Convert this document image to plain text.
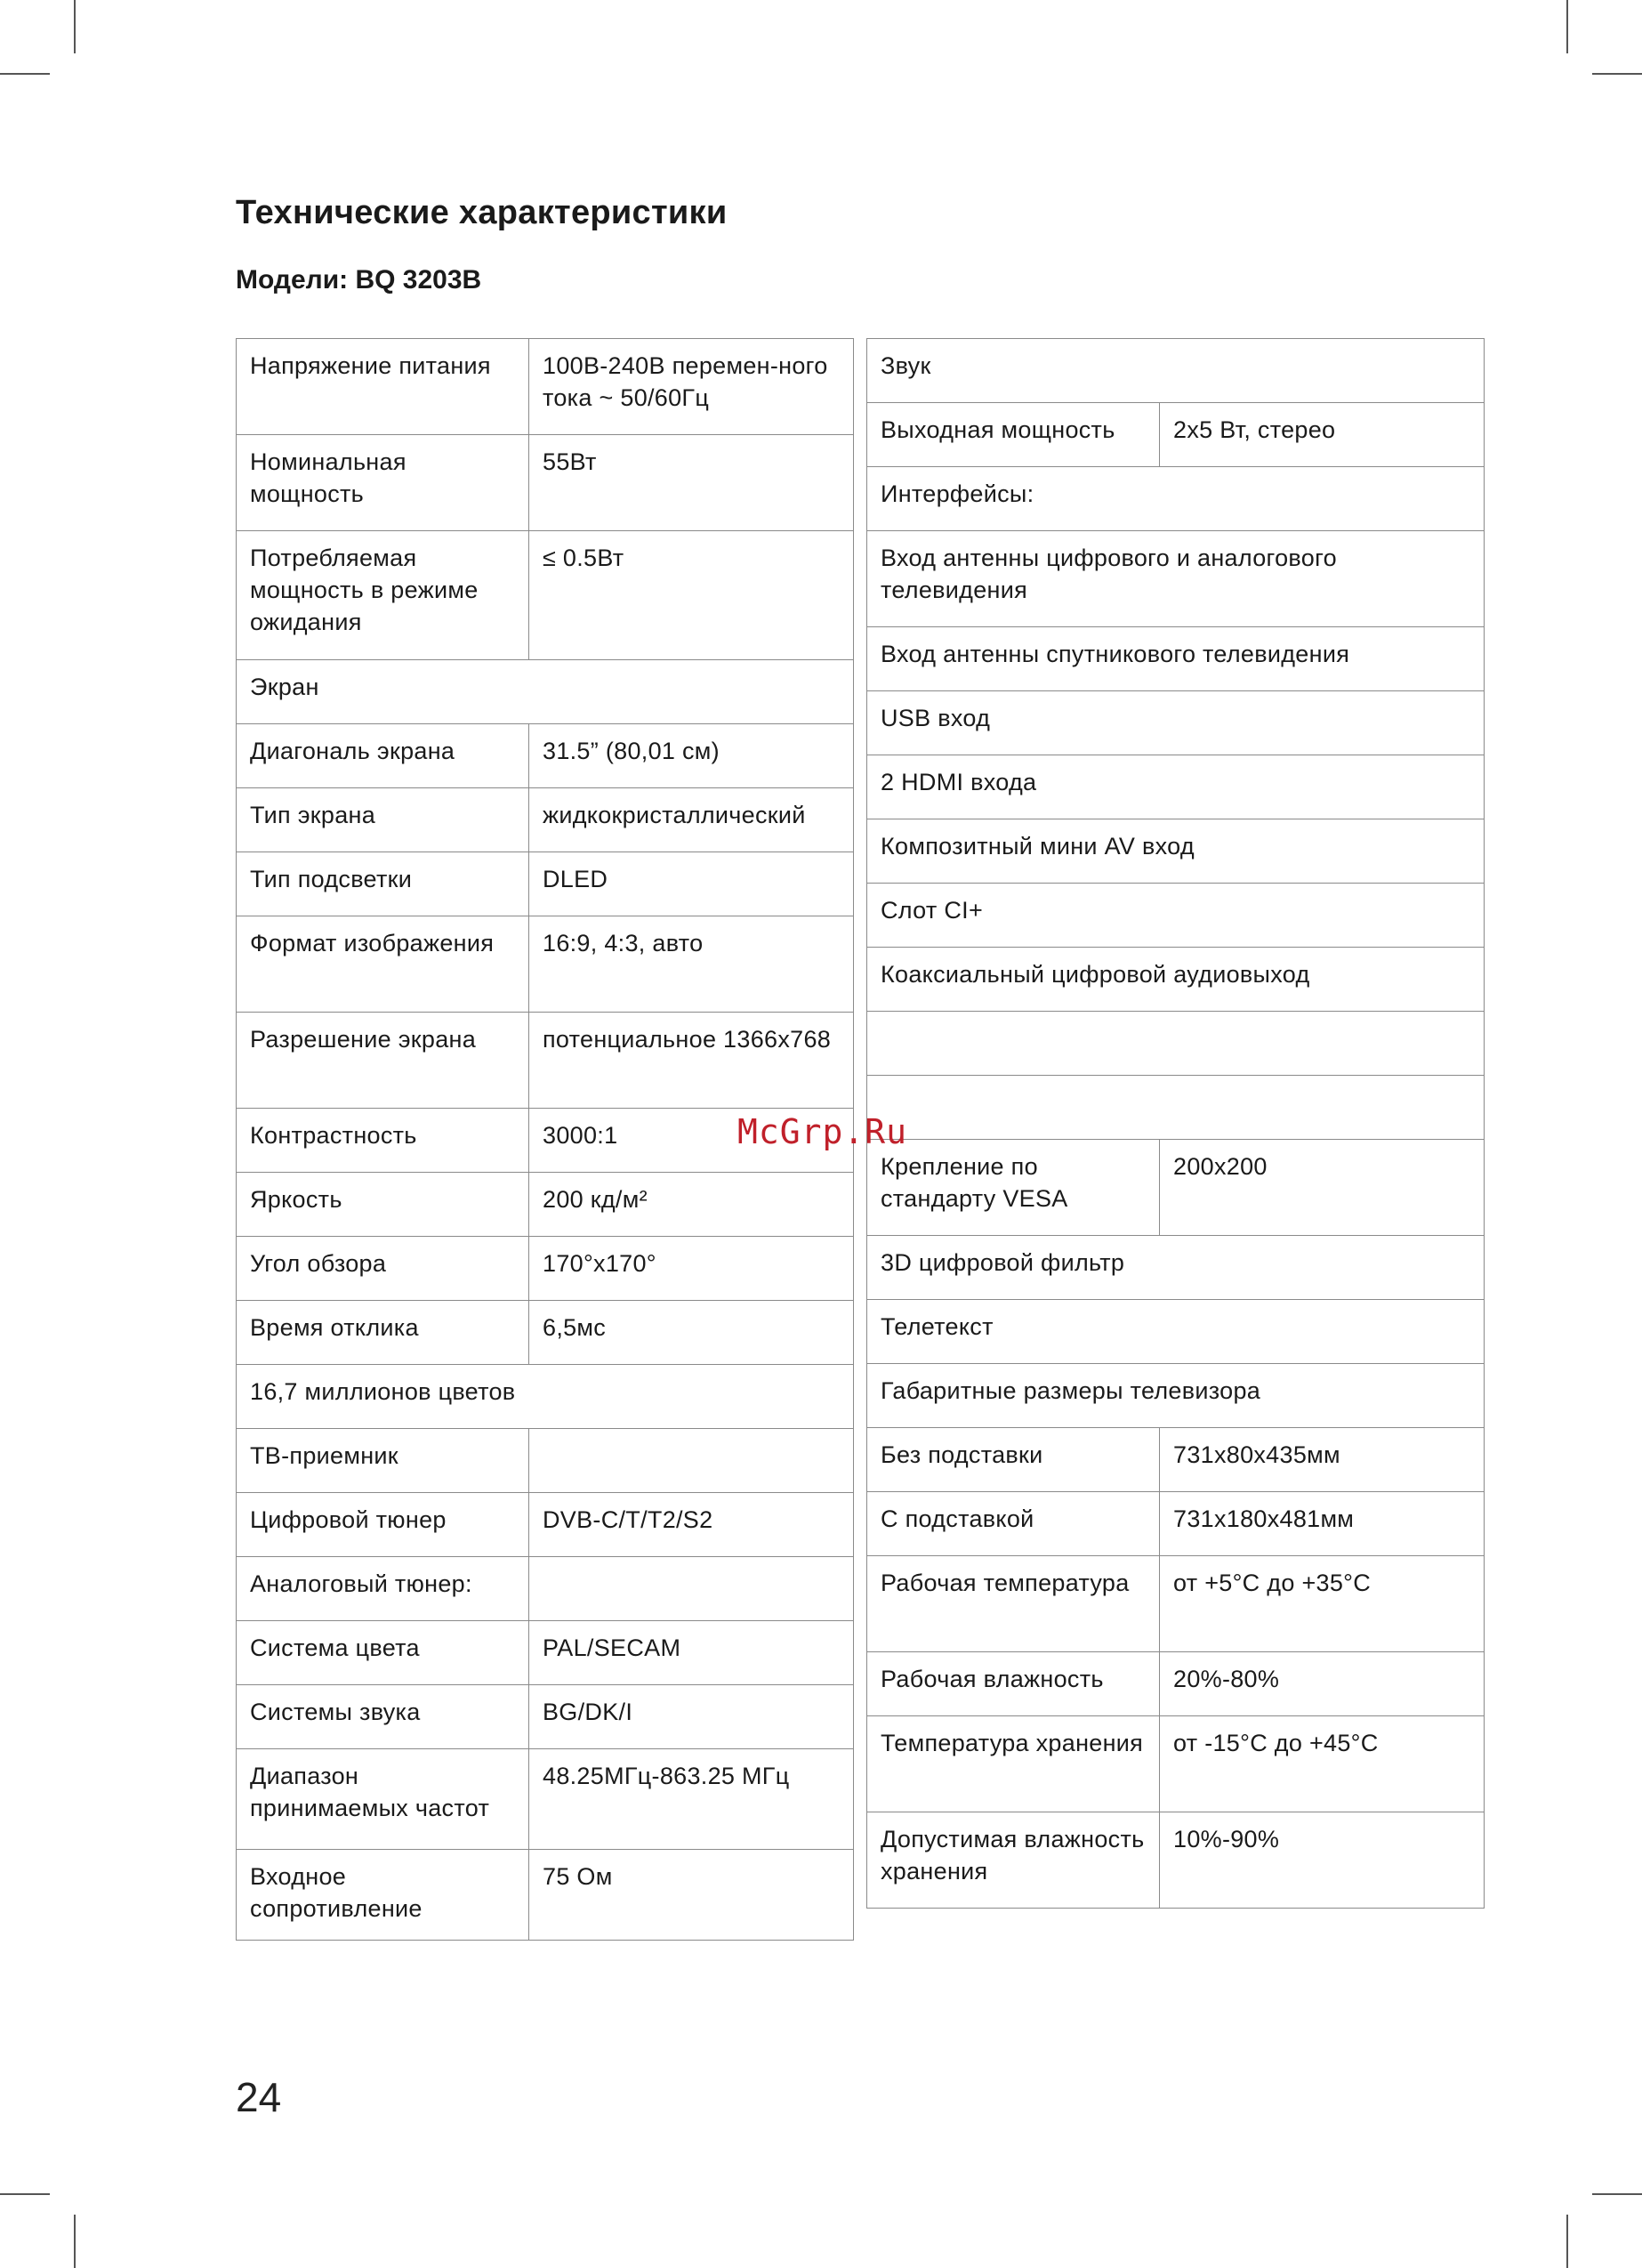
Технические характеристики
Модели: BQ 3203B
Напряжение питания	100В-240В перемен-ного тока ~ 50/60Гц
Номинальная мощность	55Вт
Потребляемая мощность в режиме ожидания	≤ 0.5Вт
Экран	
Диагональ экрана	31.5” (80,01 см)
Тип экрана	жидкокристаллический
Тип подсветки	DLED
Формат изображения	16:9, 4:3, авто
Разрешение экрана	потенциальное 1366x768
Контрастность	3000:1
Яркость	200 кд/м²
Угол обзора	170°x170°
Время отклика	6,5мс
16,7 миллионов цветов	
ТВ-приемник	
Цифровой тюнер	DVB-C/T/T2/S2
Аналоговый тюнер:	
Система цвета	PAL/SECAM
Системы звука	BG/DK/I
Диапазон принимаемых частот	48.25МГц-863.25 МГц
Входное сопротивление	75 Ом
Звук	
Выходная мощность	2x5 Вт, стерео
Интерфейсы:	
Вход антенны цифрового и аналогового телевидения	
Вход антенны спутникового телевидения	
USB вход	
2 HDMI входа	
Композитный мини AV вход	
Слот CI+	
Коаксиальный цифровой аудиовыход	

Крепление по стандарту VESA	200x200
3D цифровой фильтр	
Телетекст	
Габаритные размеры телевизора	
Без подставки	731x80x435мм
С подставкой	731x180x481мм
Рабочая температура	от +5°С до +35°С
Рабочая влажность	20%-80%
Температура хранения	от -15°С до +45°С
Допустимая влажность хранения	10%-90%
McGrp.Ru

24
